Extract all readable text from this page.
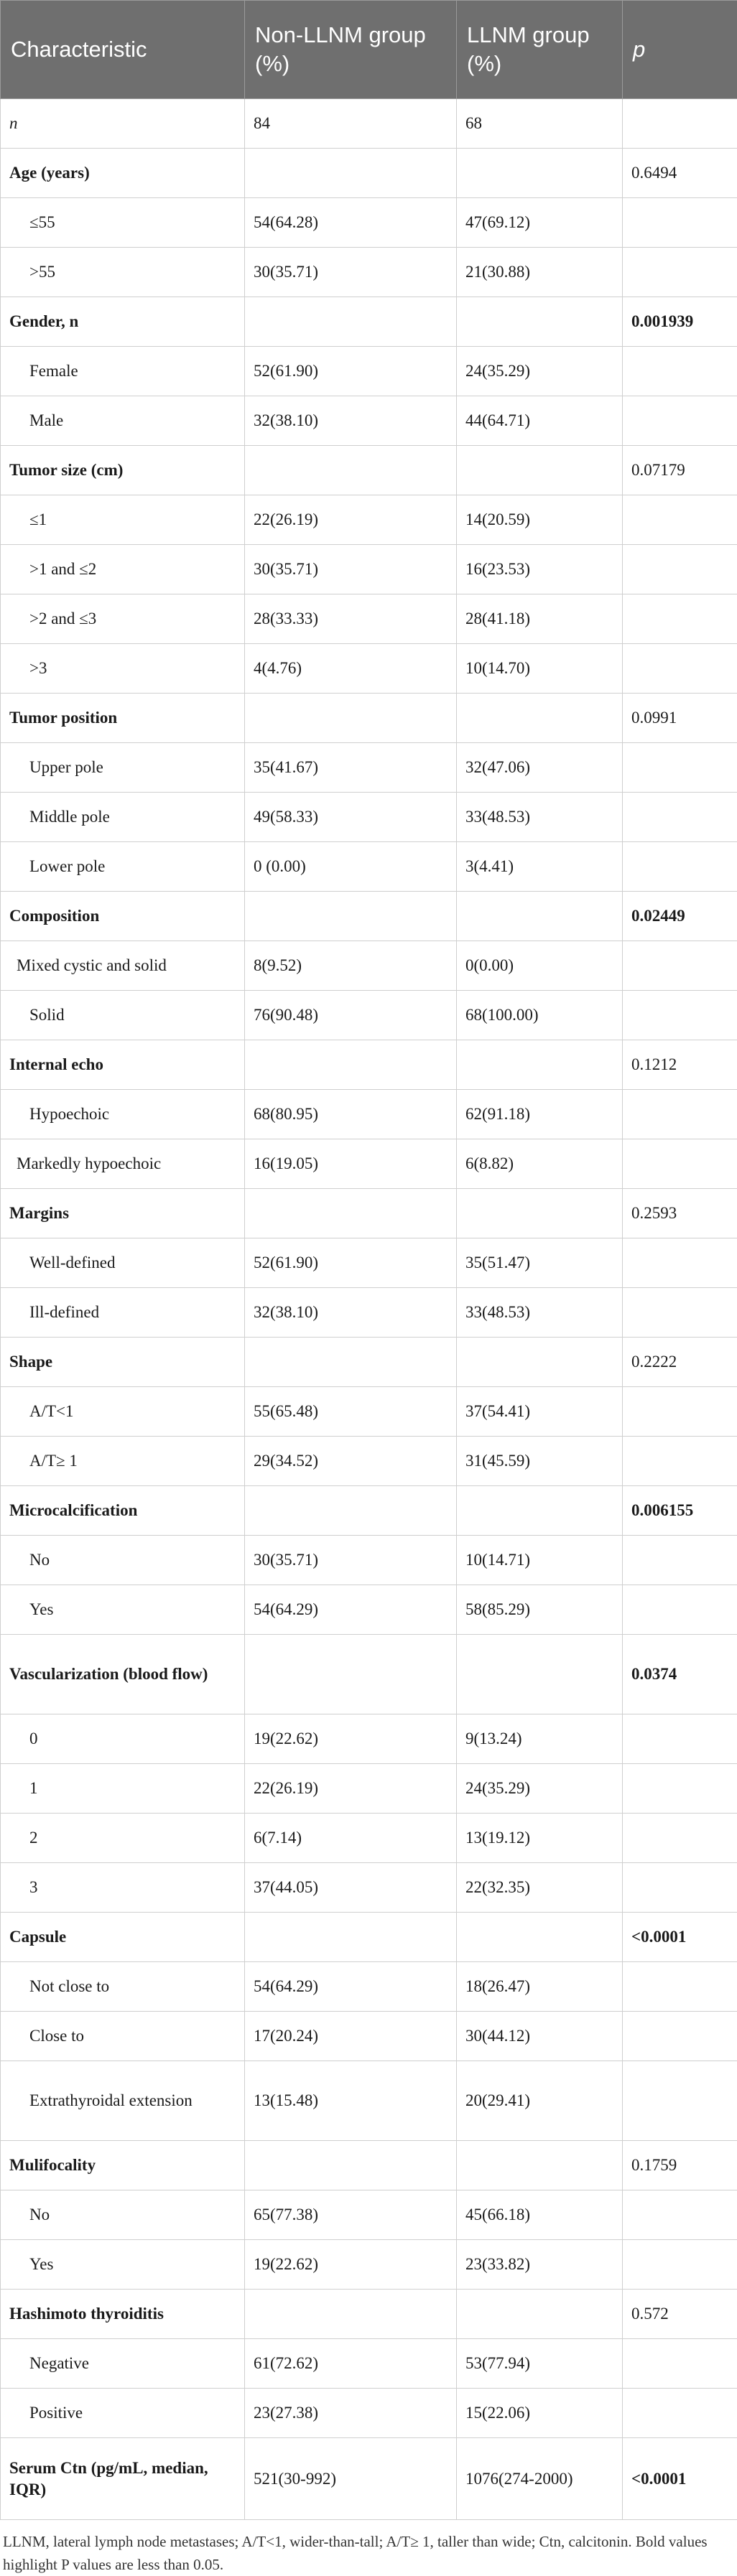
Characteristic	Non-LLNM group (%)	LLNM group (%)	p
n	84	68	
Age (years)			0.6494
≤55	54(64.28)	47(69.12)	
>55	30(35.71)	21(30.88)	
Gender, n			0.001939
Female	52(61.90)	24(35.29)	
Male	32(38.10)	44(64.71)	
Tumor size (cm)			0.07179
≤1	22(26.19)	14(20.59)	
>1 and ≤2	30(35.71)	16(23.53)	
>2 and ≤3	28(33.33)	28(41.18)	
>3	4(4.76)	10(14.70)	
Tumor position			0.0991
Upper pole	35(41.67)	32(47.06)	
Middle pole	49(58.33)	33(48.53)	
Lower pole	0 (0.00)	3(4.41)	
Composition			0.02449
Mixed cystic and solid	8(9.52)	0(0.00)	
Solid	76(90.48)	68(100.00)	
Internal echo			0.1212
Hypoechoic	68(80.95)	62(91.18)	
Markedly hypoechoic	16(19.05)	6(8.82)	
Margins			0.2593
Well-defined	52(61.90)	35(51.47)	
Ill-defined	32(38.10)	33(48.53)	
Shape			0.2222
A/T<1	55(65.48)	37(54.41)	
A/T≥ 1	29(34.52)	31(45.59)	
Microcalcification			0.006155
No	30(35.71)	10(14.71)	
Yes	54(64.29)	58(85.29)	
Vascularization (blood flow)			0.0374
0	19(22.62)	9(13.24)	
1	22(26.19)	24(35.29)	
2	6(7.14)	13(19.12)	
3	37(44.05)	22(32.35)	
Capsule			<0.0001
Not close to	54(64.29)	18(26.47)	
Close to	17(20.24)	30(44.12)	
Extrathyroidal extension	13(15.48)	20(29.41)	
Mulifocality			0.1759
No	65(77.38)	45(66.18)	
Yes	19(22.62)	23(33.82)	
Hashimoto thyroiditis			0.572
Negative	61(72.62)	53(77.94)	
Positive	23(27.38)	15(22.06)	
Serum Ctn (pg/mL, median, IQR)	521(30-992)	1076(274-2000)	<0.0001
LLNM, lateral lymph node metastases; A/T<1, wider-than-tall; A/T≥ 1, taller than wide; Ctn, calcitonin. Bold values highlight P values are less than 0.05.
